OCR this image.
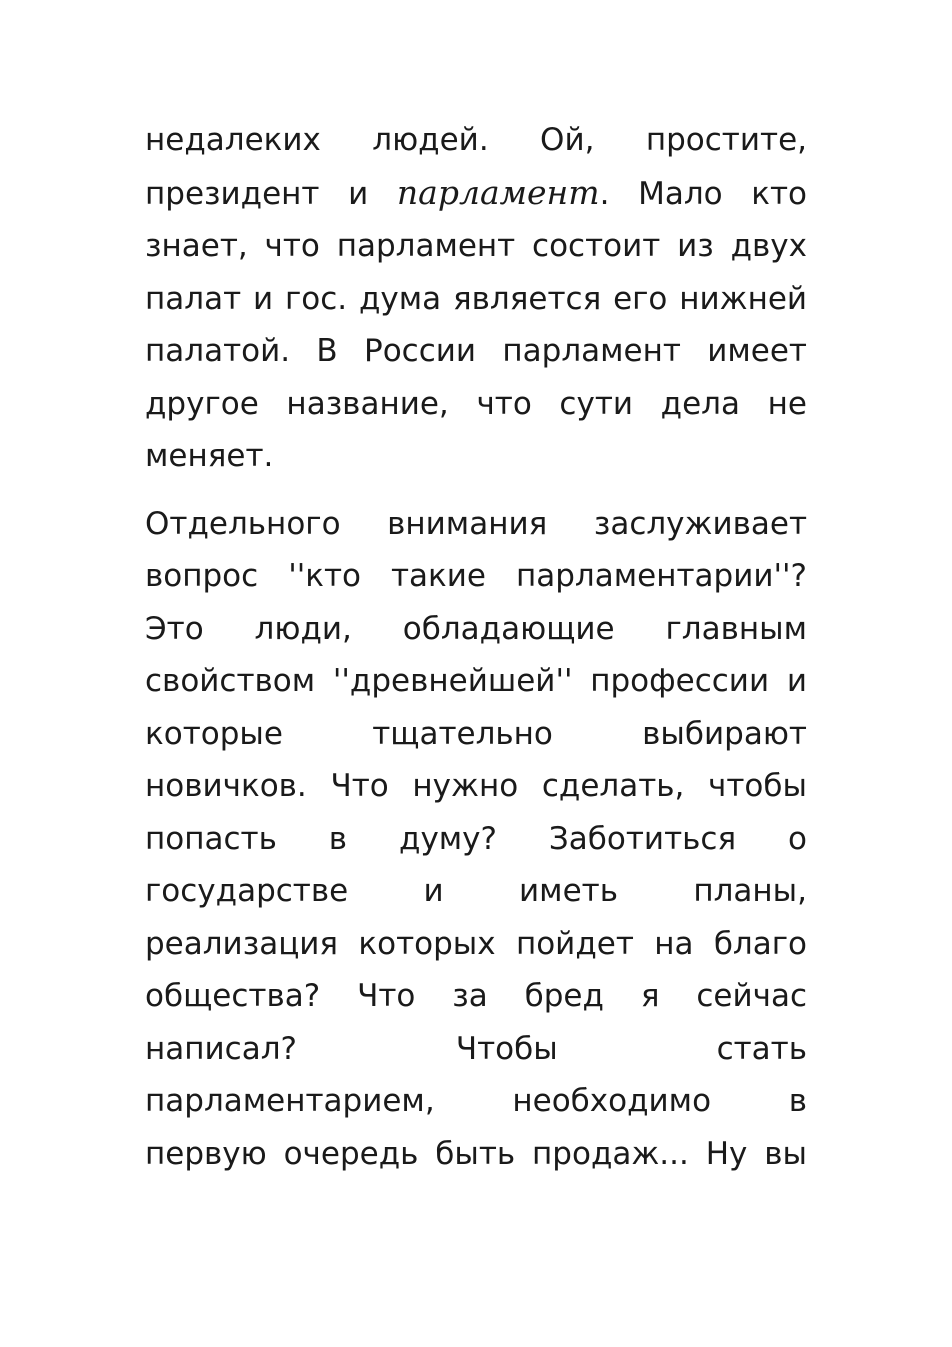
недалеких людей. Ой, простите,
президент и парламент. Мало кто
знает, что парламент состоит из двух
палат и гос. дума является его нижней
палатой. В России парламент имеет
другое название, что сути дела не
меняет.

Отдельного внимания заслуживает
вопрос ''кто такие парламентарии''?
Это люди, обладающие главным
свойством ''древнейшей'' профессии и
которые тщательно выбирают
новичков. Что нужно сделать, чтобы
попасть в думу? Заботиться о
государстве и иметь планы,
реализация которых пойдет на благо
общества? Что за бред я сейчас
написал? Чтобы стать
парламентарием, необходимо в
первую очередь быть продаж... Ну вы
